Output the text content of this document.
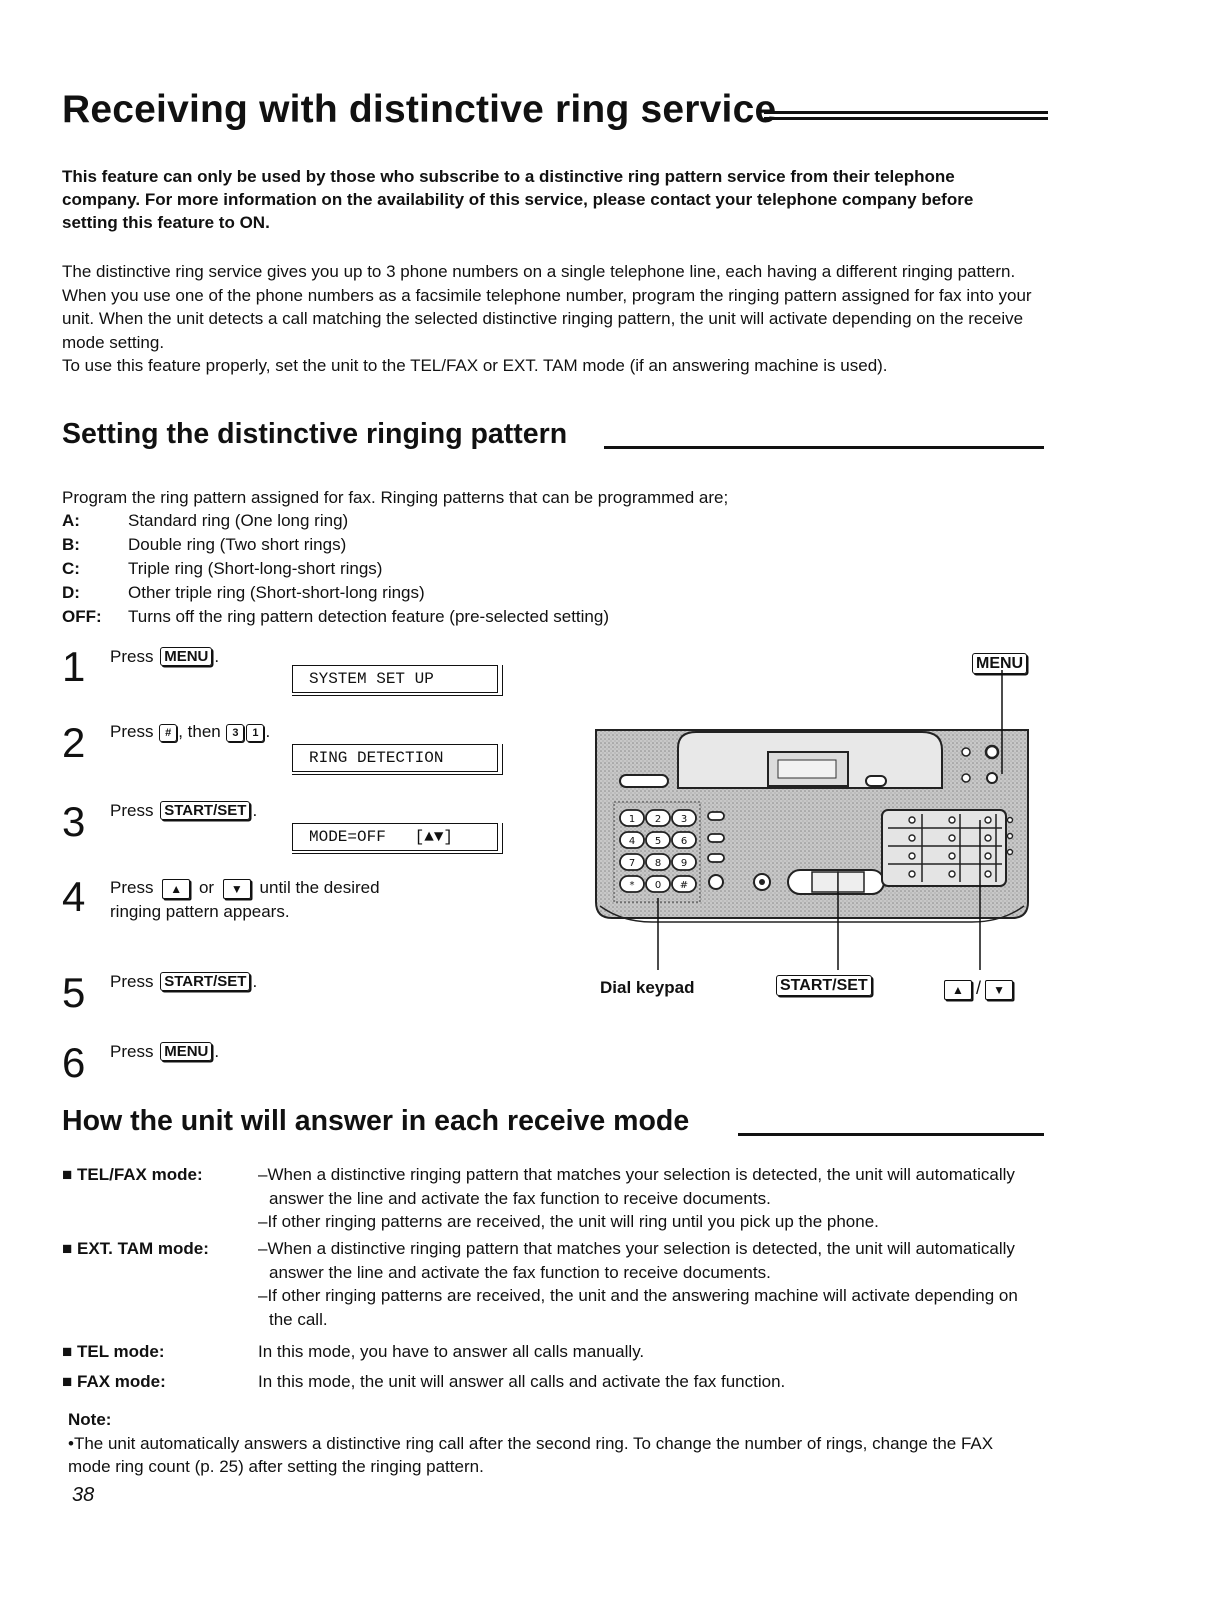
Receiving with distinctive ring service

This feature can only be used by those who subscribe to a distinctive ring pattern service from their telephone company. For more information on the availability of this service, please contact your telephone company before setting this feature to ON.

The distinctive ring service gives you up to 3 phone numbers on a single telephone line, each having a different ringing pattern.
When you use one of the phone numbers as a facsimile telephone number, program the ringing pattern assigned for fax into your unit. When the unit detects a call matching the selected distinctive ringing pattern, the unit will activate depending on the receive mode setting.
To use this feature properly, set the unit to the TEL/FAX or EXT. TAM mode (if an answering machine is used).
Setting the distinctive ringing pattern
Program the ring pattern assigned for fax. Ringing patterns that can be programmed are;
A:	Standard ring (One long ring)
B:	Double ring (Two short rings)
C:	Triple ring (Short-long-short rings)
D:	Other triple ring (Short-short-long rings)
OFF:	Turns off the ring pattern detection feature (pre-selected setting)
1 Press MENU .
SYSTEM SET UP
2 Press # , then 3 1 .
RING DETECTION
3 Press START/SET .
MODE=OFF   [▲▼]
4 Press ▲ or ▼ until the desired
ringing pattern appears.
5 Press START/SET .
6 Press MENU .
MENU
1 2 3
4 5 6
7 8 9
* 0 #
Dial keypad	START/SET	▲ / ▼
How the unit will answer in each receive mode
■ TEL/FAX mode:	–When a distinctive ringing pattern that matches your selection is detected, the unit will automatically answer the line and activate the fax function to receive documents.
–If other ringing patterns are received, the unit will ring until you pick up the phone.
■ EXT. TAM mode:	–When a distinctive ringing pattern that matches your selection is detected, the unit will automatically answer the line and activate the fax function to receive documents.
–If other ringing patterns are received, the unit and the answering machine will activate depending on the call.
■ TEL mode:	In this mode, you have to answer all calls manually.
■ FAX mode:	In this mode, the unit will answer all calls and activate the fax function.
Note:
•The unit automatically answers a distinctive ring call after the second ring. To change the number of rings, change the FAX mode ring count (p. 25) after setting the ringing pattern.
38
